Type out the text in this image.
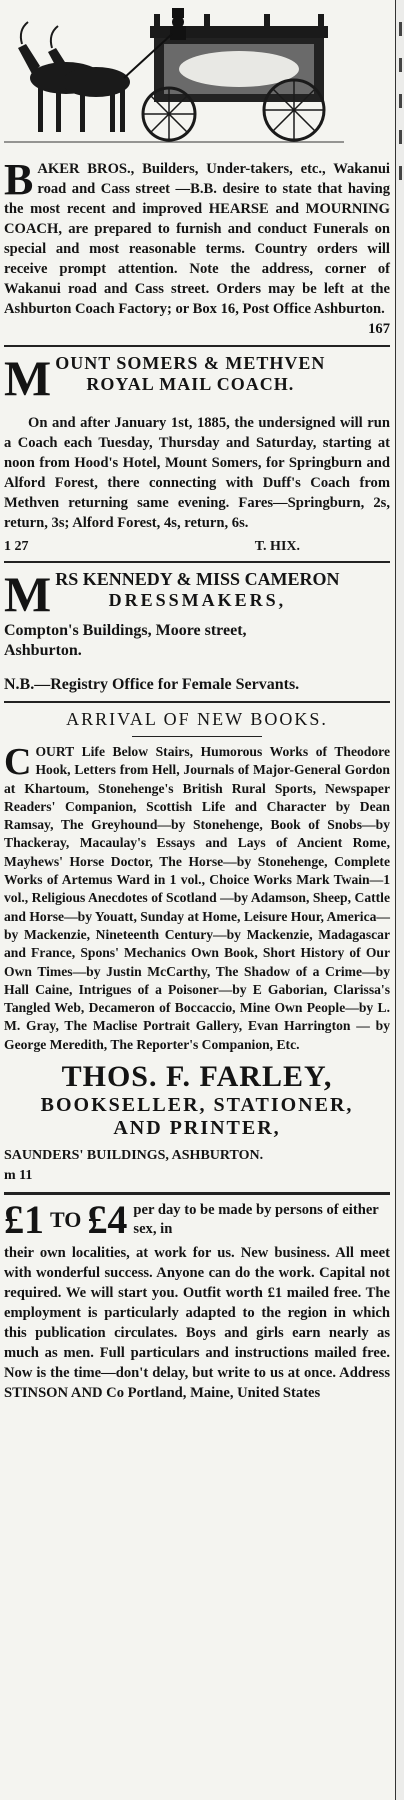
B AKER BROS., Builders, Under-takers, etc., Wakanui road and Cass street —B.B. desire to state that having the most recent and improved HEARSE and MOURNING COACH, are prepared to furnish and conduct Funerals on special and most reasonable terms. Country orders will receive prompt attention. Note the address, corner of Wakanui road and Cass street. Orders may be left at the Ashburton Coach Factory; or Box 16, Post Office Ashburton.
167

M OUNT SOMERS & METHVEN
ROYAL MAIL COACH.

On and after January 1st, 1885, the undersigned will run a Coach each Tuesday, Thursday and Saturday, starting at noon from Hood's Hotel, Mount Somers, for Springburn and Alford Forest, there connecting with Duff's Coach from Methven returning same evening. Fares—Springburn, 2s, return, 3s; Alford Forest, 4s, return, 6s.

1 27	T. HIX.
M RS KENNEDY & MISS CAMERON
DRESSMAKERS,

Compton's Buildings, Moore street,

Ashburton.

N.B.—Registry Office for Female Servants.

ARRIVAL OF NEW BOOKS.

C OURT Life Below Stairs, Humorous Works of Theodore Hook, Letters from Hell, Journals of Major-General Gordon at Khartoum, Stonehenge's British Rural Sports, Newspaper Readers' Companion, Scottish Life and Character by Dean Ramsay, The Greyhound—by Stonehenge, Book of Snobs—by Thackeray, Macaulay's Essays and Lays of Ancient Rome, Mayhews' Horse Doctor, The Horse—by Stonehenge, Complete Works of Artemus Ward in 1 vol., Choice Works Mark Twain—1 vol., Religious Anecdotes of Scotland —by Adamson, Sheep, Cattle and Horse—by Youatt, Sunday at Home, Leisure Hour, America—by Mackenzie, Nineteenth Century—by Mackenzie, Madagascar and France, Spons' Mechanics Own Book, Short History of Our Own Times—by Justin McCarthy, The Shadow of a Crime—by Hall Caine, Intrigues of a Poisoner—by E Gaborian, Clarissa's Tangled Web, Decameron of Boccaccio, Mine Own People—by L. M. Gray, The Maclise Portrait Gallery, Evan Harrington — by George Meredith, The Reporter's Companion, Etc.

THOS. F. FARLEY,
BOOKSELLER, STATIONER,
AND PRINTER,

SAUNDERS' BUILDINGS, ASHBURTON.

m 11

£1 TO £4 per day to be made by persons of either sex, in

their own localities, at work for us. New business. All meet with wonderful success. Anyone can do the work. Capital not required. We will start you. Outfit worth £1 mailed free. The employment is particularly adapted to the region in which this publication circulates. Boys and girls earn nearly as much as men. Full particulars and instructions mailed free. Now is the time—don't delay, but write to us at once. Address STINSON AND Co Portland, Maine, United States
